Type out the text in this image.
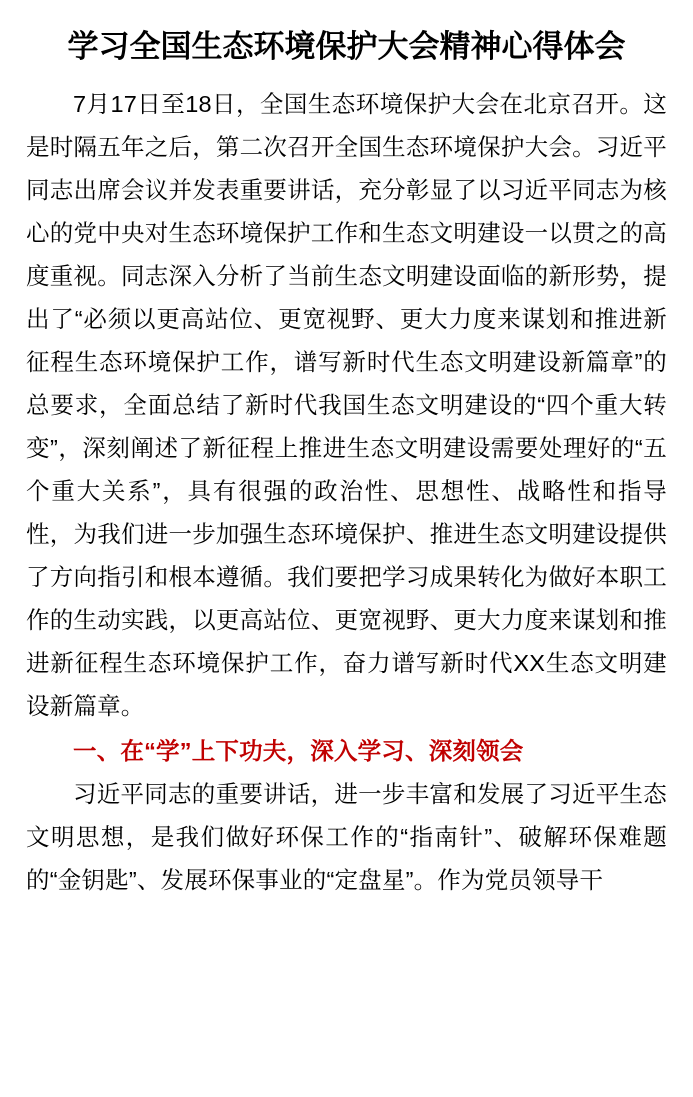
学习全国生态环境保护大会精神心得体会

7月17日至18日，全国生态环境保护大会在北京召开。这是时隔五年之后，第二次召开全国生态环境保护大会。习近平同志出席会议并发表重要讲话，充分彰显了以习近平同志为核心的党中央对生态环境保护工作和生态文明建设一以贯之的高度重视。同志深入分析了当前生态文明建设面临的新形势，提出了“必须以更高站位、更宽视野、更大力度来谋划和推进新征程生态环境保护工作，谱写新时代生态文明建设新篇章”的总要求，全面总结了新时代我国生态文明建设的“四个重大转变”，深刻阐述了新征程上推进生态文明建设需要处理好的“五个重大关系”，具有很强的政治性、思想性、战略性和指导性，为我们进一步加强生态环境保护、推进生态文明建设提供了方向指引和根本遵循。我们要把学习成果转化为做好本职工作的生动实践，以更高站位、更宽视野、更大力度来谋划和推进新征程生态环境保护工作，奋力谱写新时代XX生态文明建设新篇章。

一、在“学”上下功夫，深入学习、深刻领会

习近平同志的重要讲话，进一步丰富和发展了习近平生态文明思想，是我们做好环保工作的“指南针”、破解环保难题的“金钥匙”、发展环保事业的“定盘星”。作为党员领导干
